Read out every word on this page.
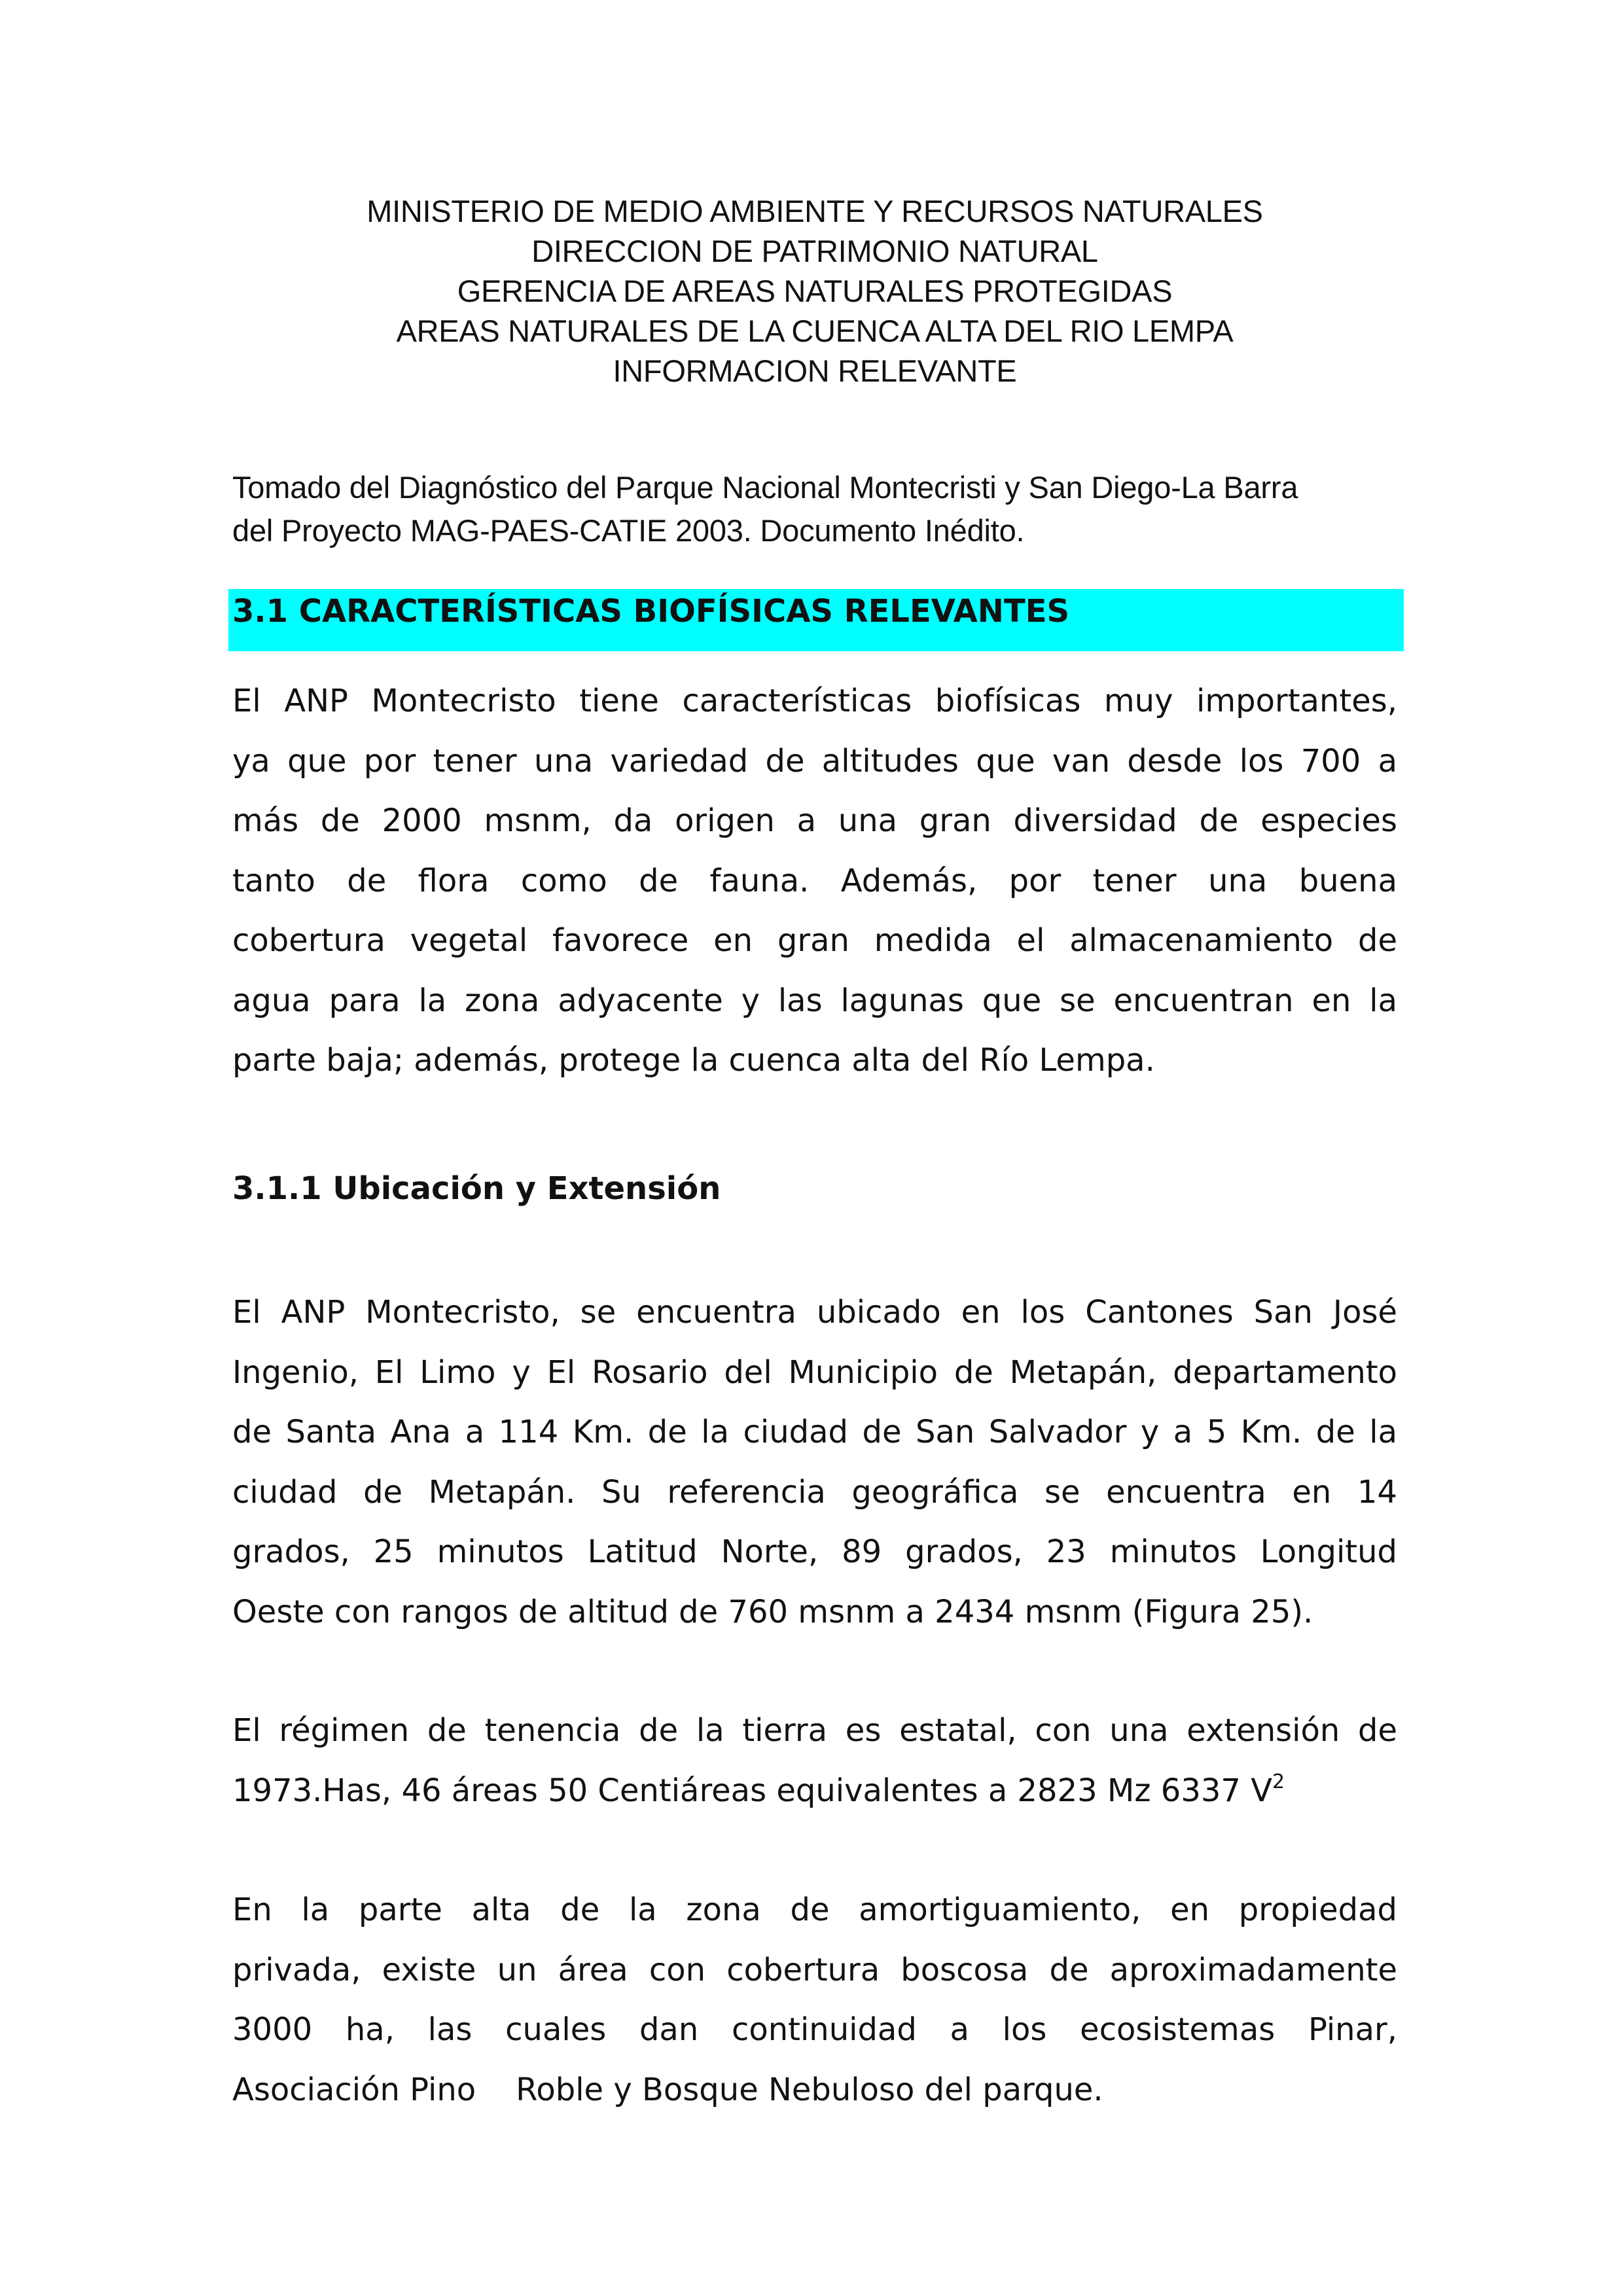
MINISTERIO DE MEDIO AMBIENTE Y RECURSOS NATURALES
DIRECCION DE PATRIMONIO NATURAL
GERENCIA DE AREAS NATURALES PROTEGIDAS
AREAS NATURALES DE LA CUENCA ALTA DEL RIO LEMPA
INFORMACION RELEVANTE
Tomado del Diagnóstico del Parque Nacional Montecristi y San Diego-La Barra
del Proyecto MAG-PAES-CATIE 2003. Documento Inédito.
3.1 CARACTERÍSTICAS BIOFÍSICAS RELEVANTES
El ANP Montecristo tiene características biofísicas muy importantes,
ya que por tener una variedad de altitudes que van desde los 700 a
más de 2000 msnm, da origen a una gran diversidad de especies
tanto de flora como de fauna. Además, por tener una buena
cobertura vegetal favorece en gran medida el almacenamiento de
agua para la zona adyacente y las lagunas que se encuentran en la
parte baja; además, protege la cuenca alta del Río Lempa.
3.1.1 Ubicación y Extensión
El ANP Montecristo, se encuentra ubicado en los Cantones San José
Ingenio, El Limo y El Rosario del Municipio de Metapán, departamento
de Santa Ana a 114 Km. de la ciudad de San Salvador y a 5 Km. de la
ciudad de Metapán. Su referencia geográfica se encuentra en 14
grados, 25 minutos Latitud Norte, 89 grados, 23 minutos Longitud
Oeste con rangos de altitud de 760 msnm a 2434 msnm (Figura 25).
El régimen de tenencia de la tierra es estatal, con una extensión de
1973.Has, 46 áreas 50 Centiáreas equivalentes a 2823 Mz 6337 $V^2$
En la parte alta de la zona de amortiguamiento, en propiedad
privada, existe un área con cobertura boscosa de aproximadamente
3000 ha, las cuales dan continuidad a los ecosistemas Pinar,
Asociación Pino    Roble y Bosque Nebuloso del parque.
